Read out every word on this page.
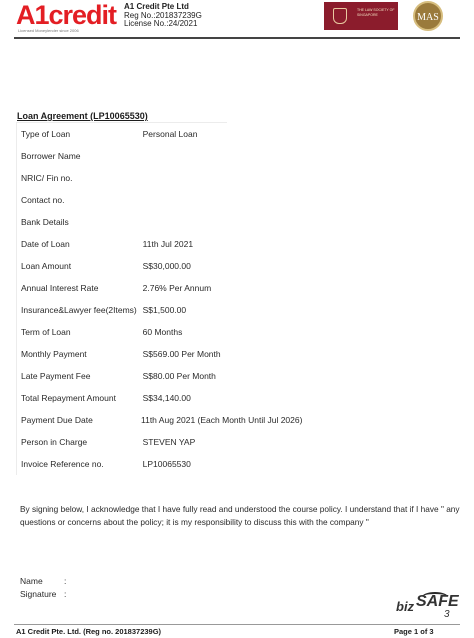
A1credit
Licensed Moneylender since 2006
A1 Credit Pte Ltd
Reg No.:201837239G
License No.:24/2021
THE LAW SOCIETY OF SINGAPORE	MAS
Loan Agreement (LP10065530)
Type of Loan	Personal Loan
Borrower Name
NRIC/ Fin no.
Contact no.
Bank Details
Date of Loan	11th Jul 2021
Loan Amount	S$30,000.00
Annual Interest Rate	2.76% Per Annum
Insurance&Lawyer fee(2Items) S$1,500.00
Term of Loan	60 Months
Monthly Payment	S$569.00 Per Month
Late Payment Fee	S$80.00 Per Month
Total Repayment Amount	S$34,140.00
Payment Due Date	11th Aug 2021 (Each Month Until Jul 2026)
Person in Charge	STEVEN YAP
Invoice Reference no.	LP10065530
By signing below, I acknowledge that I have fully read and understood the course policy. I understand that if I have " any questions or concerns about the policy; it is my responsibility to discuss this with the company "
Name	:
Signature :
biz SAFE
3
A1 Credit Pte. Ltd. (Reg no. 201837239G)	Page 1 of 3
